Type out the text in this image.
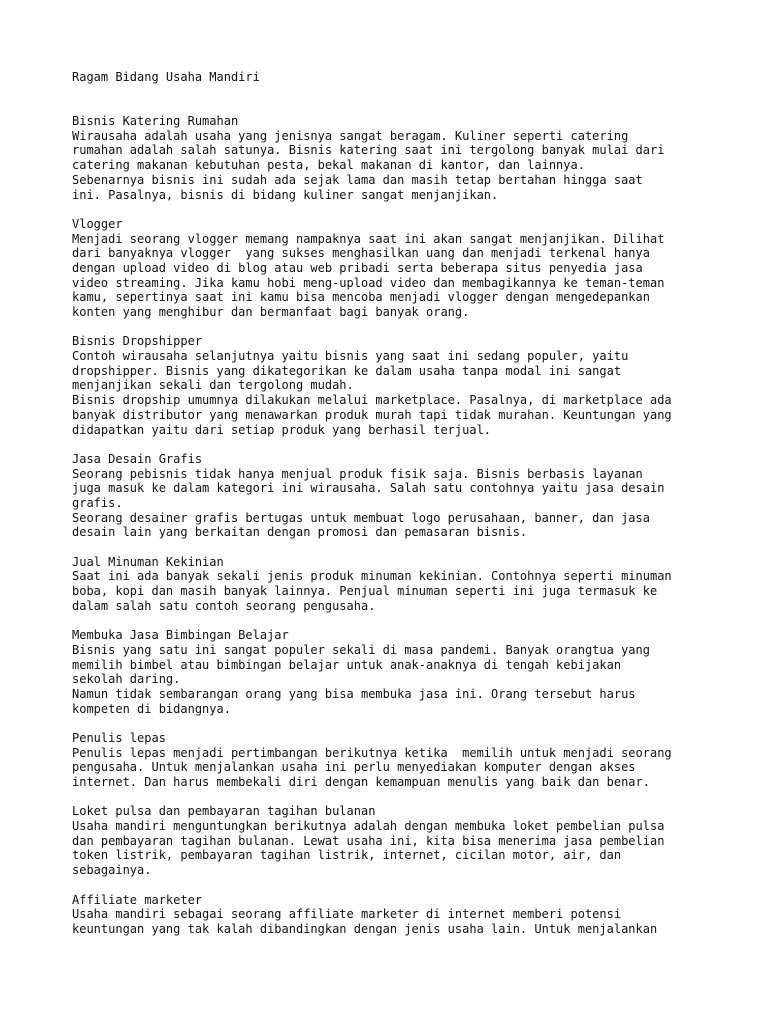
Ragam Bidang Usaha Mandiri
Bisnis Katering Rumahan
Wirausaha adalah usaha yang jenisnya sangat beragam. Kuliner seperti catering
rumahan adalah salah satunya. Bisnis katering saat ini tergolong banyak mulai dari
catering makanan kebutuhan pesta, bekal makanan di kantor, dan lainnya.
Sebenarnya bisnis ini sudah ada sejak lama dan masih tetap bertahan hingga saat
ini. Pasalnya, bisnis di bidang kuliner sangat menjanjikan.
Vlogger
Menjadi seorang vlogger memang nampaknya saat ini akan sangat menjanjikan. Dilihat
dari banyaknya vlogger  yang sukses menghasilkan uang dan menjadi terkenal hanya
dengan upload video di blog atau web pribadi serta beberapa situs penyedia jasa
video streaming. Jika kamu hobi meng-upload video dan membagikannya ke teman-teman
kamu, sepertinya saat ini kamu bisa mencoba menjadi vlogger dengan mengedepankan
konten yang menghibur dan bermanfaat bagi banyak orang.
Bisnis Dropshipper
Contoh wirausaha selanjutnya yaitu bisnis yang saat ini sedang populer, yaitu
dropshipper. Bisnis yang dikategorikan ke dalam usaha tanpa modal ini sangat
menjanjikan sekali dan tergolong mudah.
Bisnis dropship umumnya dilakukan melalui marketplace. Pasalnya, di marketplace ada
banyak distributor yang menawarkan produk murah tapi tidak murahan. Keuntungan yang
didapatkan yaitu dari setiap produk yang berhasil terjual.
Jasa Desain Grafis
Seorang pebisnis tidak hanya menjual produk fisik saja. Bisnis berbasis layanan
juga masuk ke dalam kategori ini wirausaha. Salah satu contohnya yaitu jasa desain
grafis.
Seorang desainer grafis bertugas untuk membuat logo perusahaan, banner, dan jasa
desain lain yang berkaitan dengan promosi dan pemasaran bisnis.
Jual Minuman Kekinian
Saat ini ada banyak sekali jenis produk minuman kekinian. Contohnya seperti minuman
boba, kopi dan masih banyak lainnya. Penjual minuman seperti ini juga termasuk ke
dalam salah satu contoh seorang pengusaha.
Membuka Jasa Bimbingan Belajar
Bisnis yang satu ini sangat populer sekali di masa pandemi. Banyak orangtua yang
memilih bimbel atau bimbingan belajar untuk anak-anaknya di tengah kebijakan
sekolah daring.
Namun tidak sembarangan orang yang bisa membuka jasa ini. Orang tersebut harus
kompeten di bidangnya.
Penulis lepas
Penulis lepas menjadi pertimbangan berikutnya ketika  memilih untuk menjadi seorang
pengusaha. Untuk menjalankan usaha ini perlu menyediakan komputer dengan akses
internet. Dan harus membekali diri dengan kemampuan menulis yang baik dan benar.
Loket pulsa dan pembayaran tagihan bulanan
Usaha mandiri menguntungkan berikutnya adalah dengan membuka loket pembelian pulsa
dan pembayaran tagihan bulanan. Lewat usaha ini, kita bisa menerima jasa pembelian
token listrik, pembayaran tagihan listrik, internet, cicilan motor, air, dan
sebagainya.
Affiliate marketer
Usaha mandiri sebagai seorang affiliate marketer di internet memberi potensi
keuntungan yang tak kalah dibandingkan dengan jenis usaha lain. Untuk menjalankan
